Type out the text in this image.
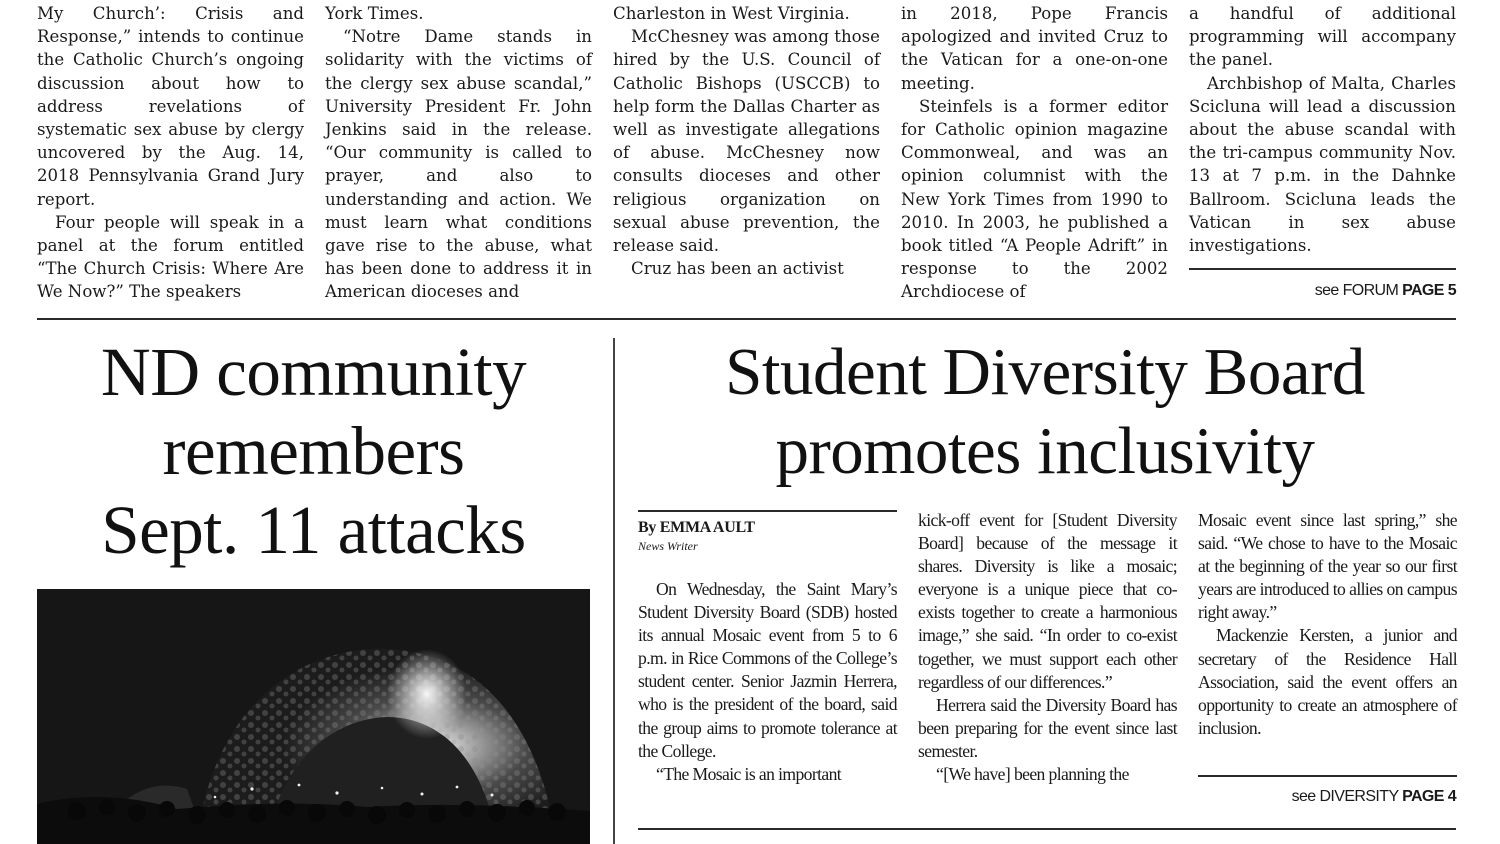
My Church’: Crisis and Response,” intends to continue the Catholic Church’s ongoing discussion about how to address revelations of systematic sex abuse by clergy uncovered by the Aug. 14, 2018 Pennsylvania Grand Jury report.

Four people will speak in a panel at the forum entitled “The Church Crisis: Where Are We Now?” The speakers

York Times.

“Notre Dame stands in solidarity with the victims of the clergy sex abuse scandal,” University President Fr. John Jenkins said in the release. “Our community is called to prayer, and also to understanding and action. We must learn what conditions gave rise to the abuse, what has been done to address it in American dioceses and

Charleston in West Virginia.

McChesney was among those hired by the U.S. Council of Catholic Bishops (USCCB) to help form the Dallas Charter as well as investigate allegations of abuse. McChesney now consults dioceses and other religious organization on sexual abuse prevention, the release said.

Cruz has been an activist

in 2018, Pope Francis apologized and invited Cruz to the Vatican for a one-on-one meeting.

Steinfels is a former editor for Catholic opinion magazine Commonweal, and was an opinion columnist with the New York Times from 1990 to 2010. In 2003, he published a book titled “A People Adrift” in response to the 2002 Archdiocese of

a handful of additional programming will accompany the panel.

Archbishop of Malta, Charles Scicluna will lead a discussion about the abuse scandal with the tri-campus community Nov. 13 at 7 p.m. in the Dahnke Ballroom. Scicluna leads the Vatican in sex abuse investigations.

see FORUM PAGE 5
ND community
remembers
Sept. 11 attacks
Student Diversity Board
promotes inclusivity
By EMMA AULT
News Writer

On Wednesday, the Saint Mary’s Student Diversity Board (SDB) hosted its annual Mosaic event from 5 to 6 p.m. in Rice Commons of the College’s student center. Senior Jazmin Herrera, who is the president of the board, said the group aims to promote tolerance at the College.

“The Mosaic is an important

kick-off event for [Student Diversity Board] because of the message it shares. Diversity is like a mosaic; everyone is a unique piece that co-exists together to create a harmonious image,” she said. “In order to co-exist together, we must support each other regardless of our differences.”

Herrera said the Diversity Board has been preparing for the event since last semester.

“[We have] been planning the

Mosaic event since last spring,” she said. “We chose to have to the Mosaic at the beginning of the year so our first years are introduced to allies on campus right away.”

Mackenzie Kersten, a junior and secretary of the Residence Hall Association, said the event offers an opportunity to create an atmosphere of inclusion.

see DIVERSITY PAGE 4
